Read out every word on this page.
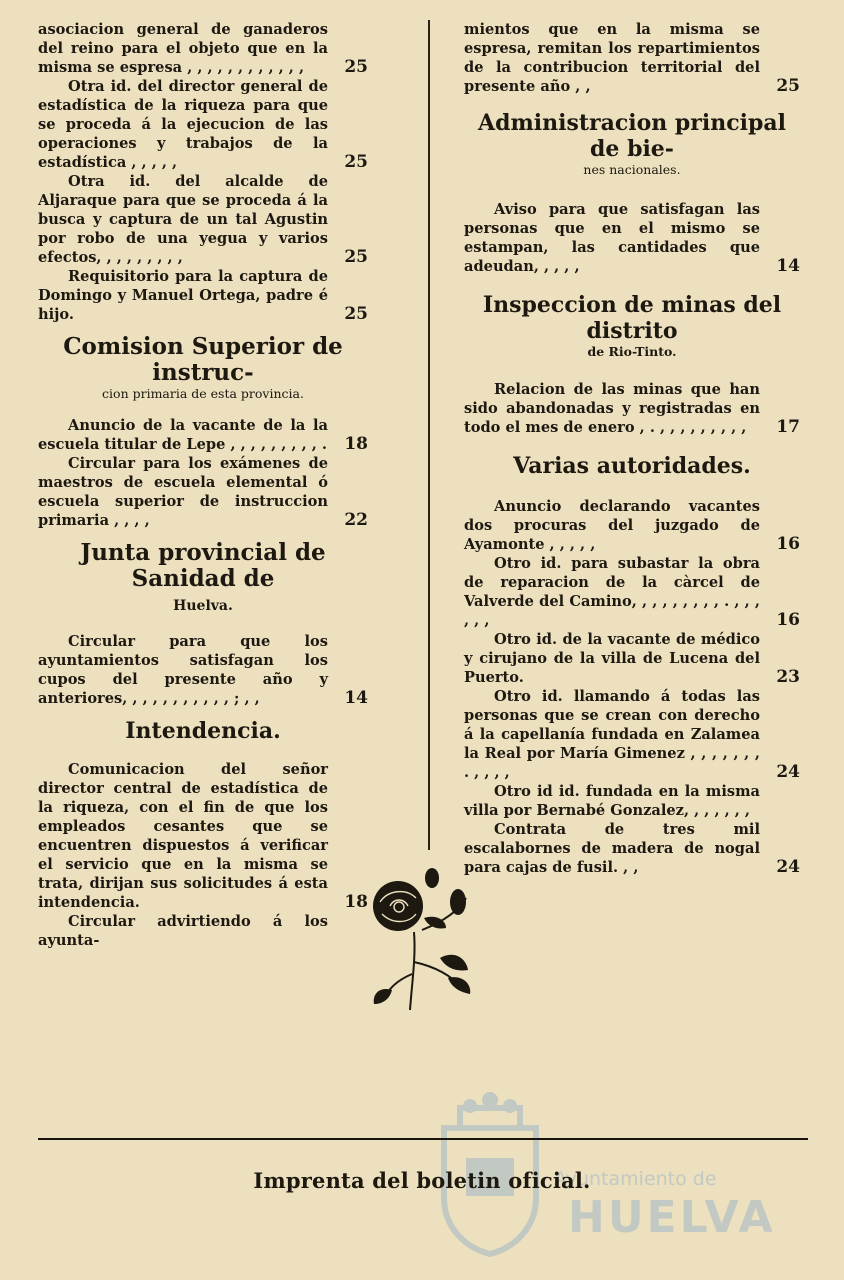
asociacion general de ganaderos del reino para el objeto que en la misma se espresa , , , , , , , , , , , ,	25
Otra id. del director general de estadística de la riqueza para que se proceda á la ejecucion de las operaciones y trabajos de la estadística , , , , ,	25
Otra id. del alcalde de Aljaraque para que se proceda á la busca y captura de un tal Agustin por robo de una yegua y varios efectos, , , , , , , , ,	25
Requisitorio para la captura de Domingo y Manuel Ortega, padre é hijo.	25
Comision Superior de instruc-
cion primaria de esta provincia.
Anuncio de la vacante de la la escuela titular de Lepe , , , , , , , , , .	18
Circular para los exámenes de maestros de escuela elemental ó escuela superior de instruccion primaria , , , ,	22
Junta provincial de Sanidad de
Huelva.
Circular para que los ayuntamientos satisfagan los cupos del presente año y anteriores, , , , , , , , , , , ; , ,	14
Intendencia.
Comunicacion del señor director central de estadística de la riqueza, con el fin de que los empleados cesantes que se encuentren dispuestos á verificar el servicio que en la misma se trata, dirijan sus solicitudes á esta intendencia.	18
Circular advirtiendo á los ayunta-
mientos que en la misma se espresa, remitan los repartimientos de la contribucion territorial del presente año , ,	25
Administracion principal de bie-
nes nacionales.
Aviso para que satisfagan las personas que en el mismo se estampan, las cantidades que adeudan, , , , ,	14
Inspeccion de minas del distrito
de Rio-Tinto.
Relacion de las minas que han sido abandonadas y registradas en todo el mes de enero , . , , , , , , , , ,	17
Varias autoridades.
Anuncio declarando vacantes dos procuras del juzgado de Ayamonte , , , , ,	16
Otro id. para subastar la obra de reparacion de la càrcel de Valverde del Camino, , , , , , , , , . , , , , , ,	16
Otro id. de la vacante de médico y cirujano de la villa de Lucena del Puerto.	23
Otro id. llamando á todas las personas que se crean con derecho á la capellanía fundada en Zalamea la Real por María Gimenez , , , , , , , . , , , ,	24
Otro id id. fundada en la misma villa por Bernabé Gonzalez, , , , , , ,
Contrata de tres mil escalabornes de madera de nogal para cajas de fusil. , ,	24
Ayuntamiento de
HUELVA
Imprenta del boletin oficial.
